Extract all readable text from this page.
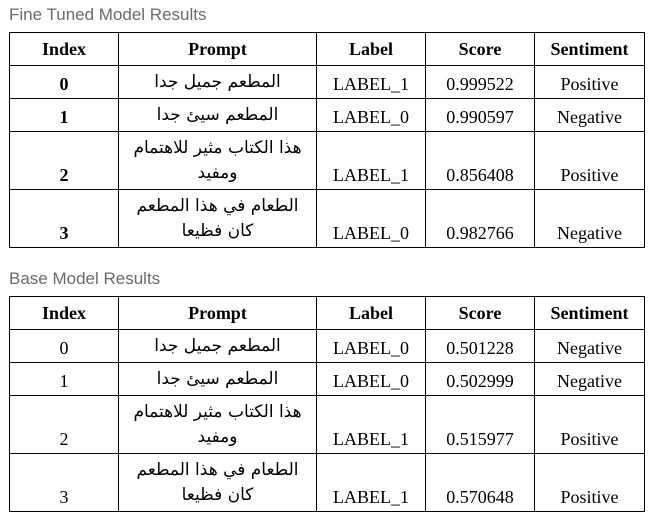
Fine Tuned Model Results
Index	Prompt	Label	Score	Sentiment
0	المطعم جميل جدا	LABEL_1	0.999522	Positive
1	المطعم سيئ جدا	LABEL_0	0.990597	Negative
2	هذا الكتاب مثير للاهتمام ومفيد	LABEL_1	0.856408	Positive
3	الطعام في هذا المطعم كان فظيعا	LABEL_0	0.982766	Negative
Base Model Results
Index	Prompt	Label	Score	Sentiment
0	المطعم جميل جدا	LABEL_0	0.501228	Negative
1	المطعم سيئ جدا	LABEL_0	0.502999	Negative
2	هذا الكتاب مثير للاهتمام ومفيد	LABEL_1	0.515977	Positive
3	الطعام في هذا المطعم كان فظيعا	LABEL_1	0.570648	Positive
